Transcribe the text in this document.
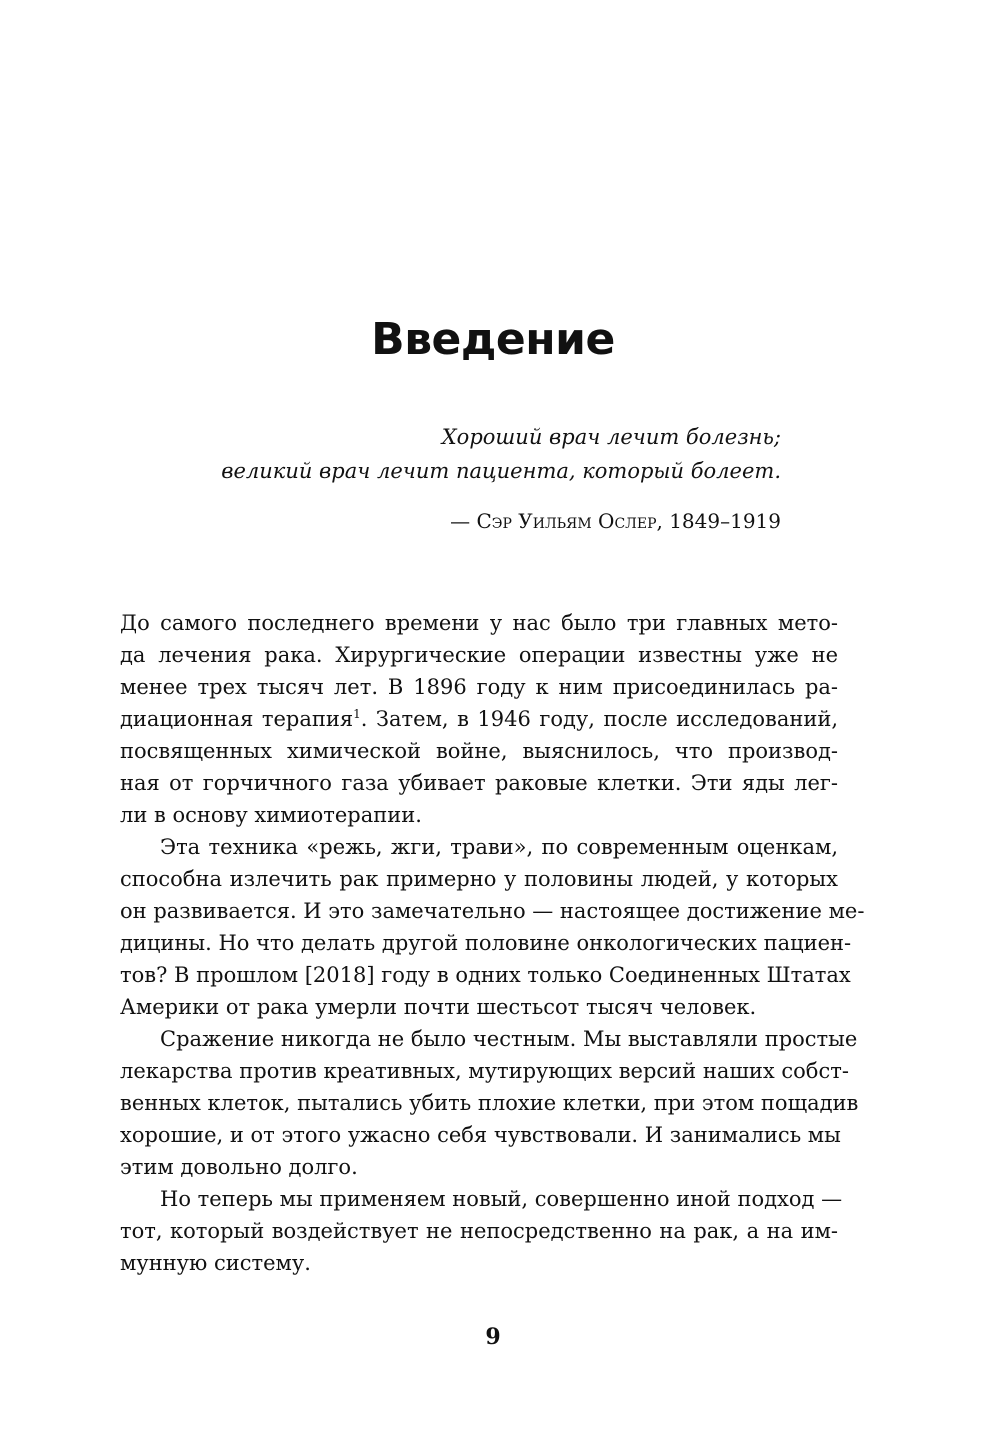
Введение
Хороший врач лечит болезнь;
великий врач лечит пациента, который болеет.
— Сэр Уильям Ослер, 1849–1919
До самого последнего времени у нас было три главных мето-
да лечения рака. Хирургические операции известны уже не
менее трех тысяч лет. В 1896 году к ним присоединилась ра-
диационная терапия$^1$. Затем, в 1946 году, после исследований,
посвященных химической войне, выяснилось, что производ-
ная от горчичного газа убивает раковые клетки. Эти яды лег-
ли в основу химиотерапии.
Эта техника «режь, жги, трави», по современным оценкам,
способна излечить рак примерно у половины людей, у которых
он развивается. И это замечательно — настоящее достижение ме-
дицины. Но что делать другой половине онкологических пациен-
тов? В прошлом [2018] году в одних только Соединенных Штатах
Америки от рака умерли почти шестьсот тысяч человек.
Сражение никогда не было честным. Мы выставляли простые
лекарства против креативных, мутирующих версий наших собст-
венных клеток, пытались убить плохие клетки, при этом пощадив
хорошие, и от этого ужасно себя чувствовали. И занимались мы
этим довольно долго.
Но теперь мы применяем новый, совершенно иной подход —
тот, который воздействует не непосредственно на рак, а на им-
мунную систему.
9
